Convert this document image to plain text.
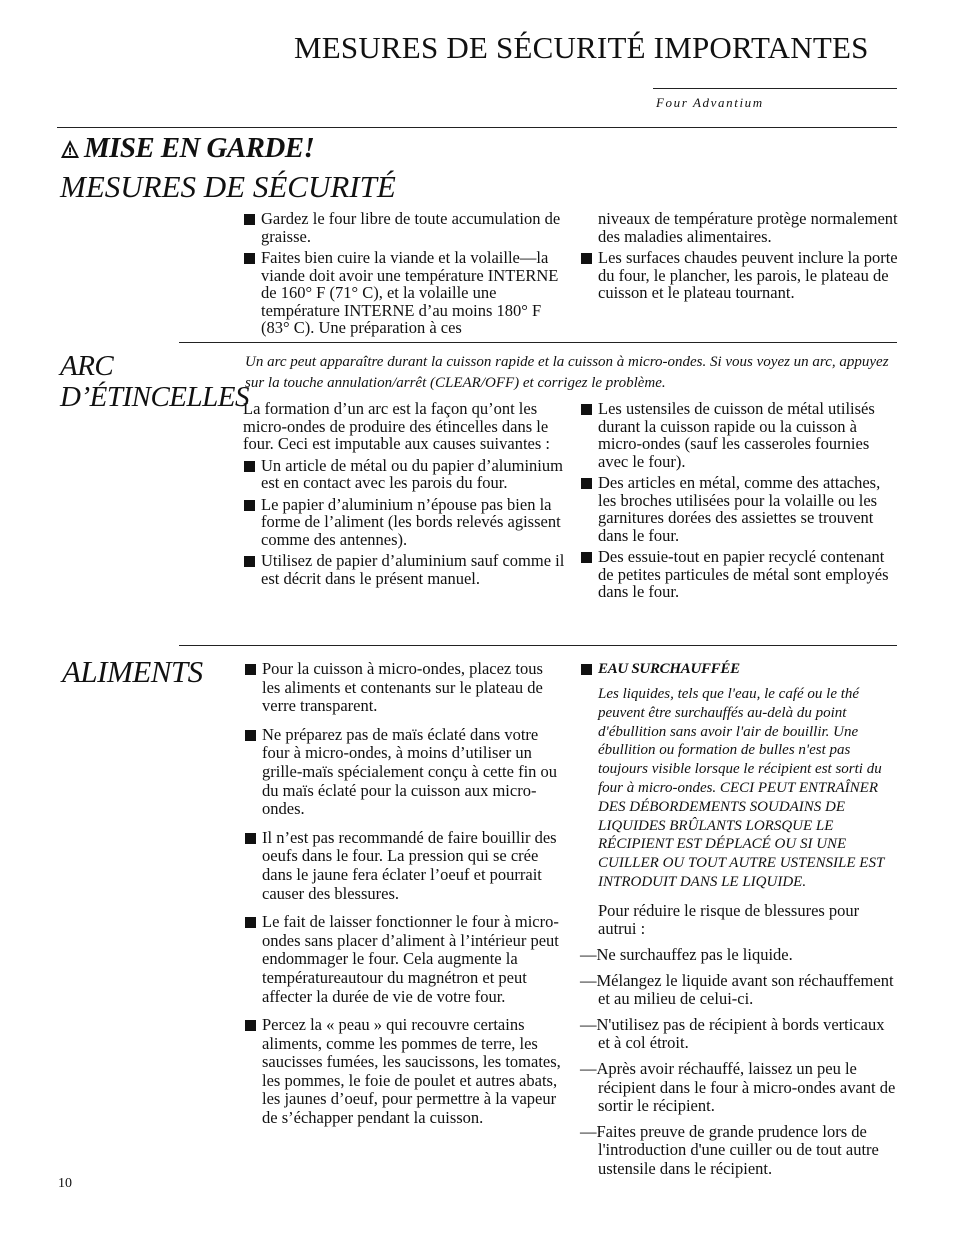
MESURES DE SÉCURITÉ IMPORTANTES
Four Advantium
MISE EN GARDE!
MESURES DE SÉCURITÉ
Gardez le four libre de toute accumulation de graisse.
Faites bien cuire la viande et la volaille—la viande doit avoir une température INTERNE de 160° F (71° C), et la volaille une température INTERNE d’au moins 180° F (83° C). Une préparation à ces
niveaux de température protège normalement des maladies alimentaires.
Les surfaces chaudes peuvent inclure la porte du four, le plancher, les parois, le plateau de cuisson et le plateau tournant.
ARC
D’ÉTINCELLES
Un arc peut apparaître durant la cuisson rapide et la cuisson à micro-ondes. Si vous voyez un arc, appuyez sur la touche annulation/arrêt (CLEAR/OFF) et corrigez le problème.

La formation d’un arc est la façon qu’ont les micro-ondes de produire des étincelles dans le four. Ceci est imputable aux causes suivantes :

Un article de métal ou du papier d’aluminium est en contact avec les parois du four.
Le papier d’aluminium n’épouse pas bien la forme de l’aliment (les bords relevés agissent comme des antennes).
Utilisez de papier d’aluminium sauf comme il est décrit dans le présent manuel.
Les ustensiles de cuisson de métal utilisés durant la cuisson rapide ou la cuisson à micro-ondes (sauf les casseroles fournies avec le four).
Des articles en métal, comme des attaches, les broches utilisées pour la volaille ou les garnitures dorées des assiettes se trouvent dans le four.
Des essuie-tout en papier recyclé contenant de petites particules de métal sont employés dans le four.
ALIMENTS	Pour la cuisson à micro-ondes, placez tous les aliments et contenants sur le plateau de verre transparent.
Ne préparez pas de maïs éclaté dans votre four à micro-ondes, à moins d’utiliser un grille-maïs spécialement conçu à cette fin ou du maïs éclaté pour la cuisson aux micro-ondes.
Il n’est pas recommandé de faire bouillir des oeufs dans le four. La pression qui se crée dans le jaune fera éclater l’oeuf et pourrait causer des blessures.
Le fait de laisser fonctionner le four à micro-ondes sans placer d’aliment à l’intérieur peut endommager le four. Cela augmente la températureautour du magnétron et peut affecter la durée de vie de votre four.
Percez la « peau » qui recouvre certains aliments, comme les pommes de terre, les saucisses fumées, les saucissons, les tomates, les pommes, le foie de poulet et autres abats, les jaunes d’oeuf, pour permettre à la vapeur de s’échapper pendant la cuisson.
EAU SURCHAUFFÉE
Les liquides, tels que l'eau, le café ou le thé peuvent être surchauffés au-delà du point d'ébullition sans avoir l'air de bouillir. Une ébullition ou formation de bulles n'est pas toujours visible lorsque le récipient est sorti du four à micro-ondes. CECI PEUT ENTRAÎNER DES DÉBORDEMENTS SOUDAINS DE LIQUIDES BRÛLANTS LORSQUE LE RÉCIPIENT EST DÉPLACÉ OU SI UNE CUILLER OU TOUT AUTRE USTENSILE EST INTRODUIT DANS LE LIQUIDE.
Pour réduire le risque de blessures pour autrui :
—Ne surchauffez pas le liquide.
—Mélangez le liquide avant son réchauffement et au milieu de celui-ci.
—N'utilisez pas de récipient à bords verticaux et à col étroit.
—Après avoir réchauffé, laissez un peu le récipient dans le four à micro-ondes avant de sortir le récipient.
—Faites preuve de grande prudence lors de l'introduction d'une cuiller ou de tout autre ustensile dans le récipient.
10
